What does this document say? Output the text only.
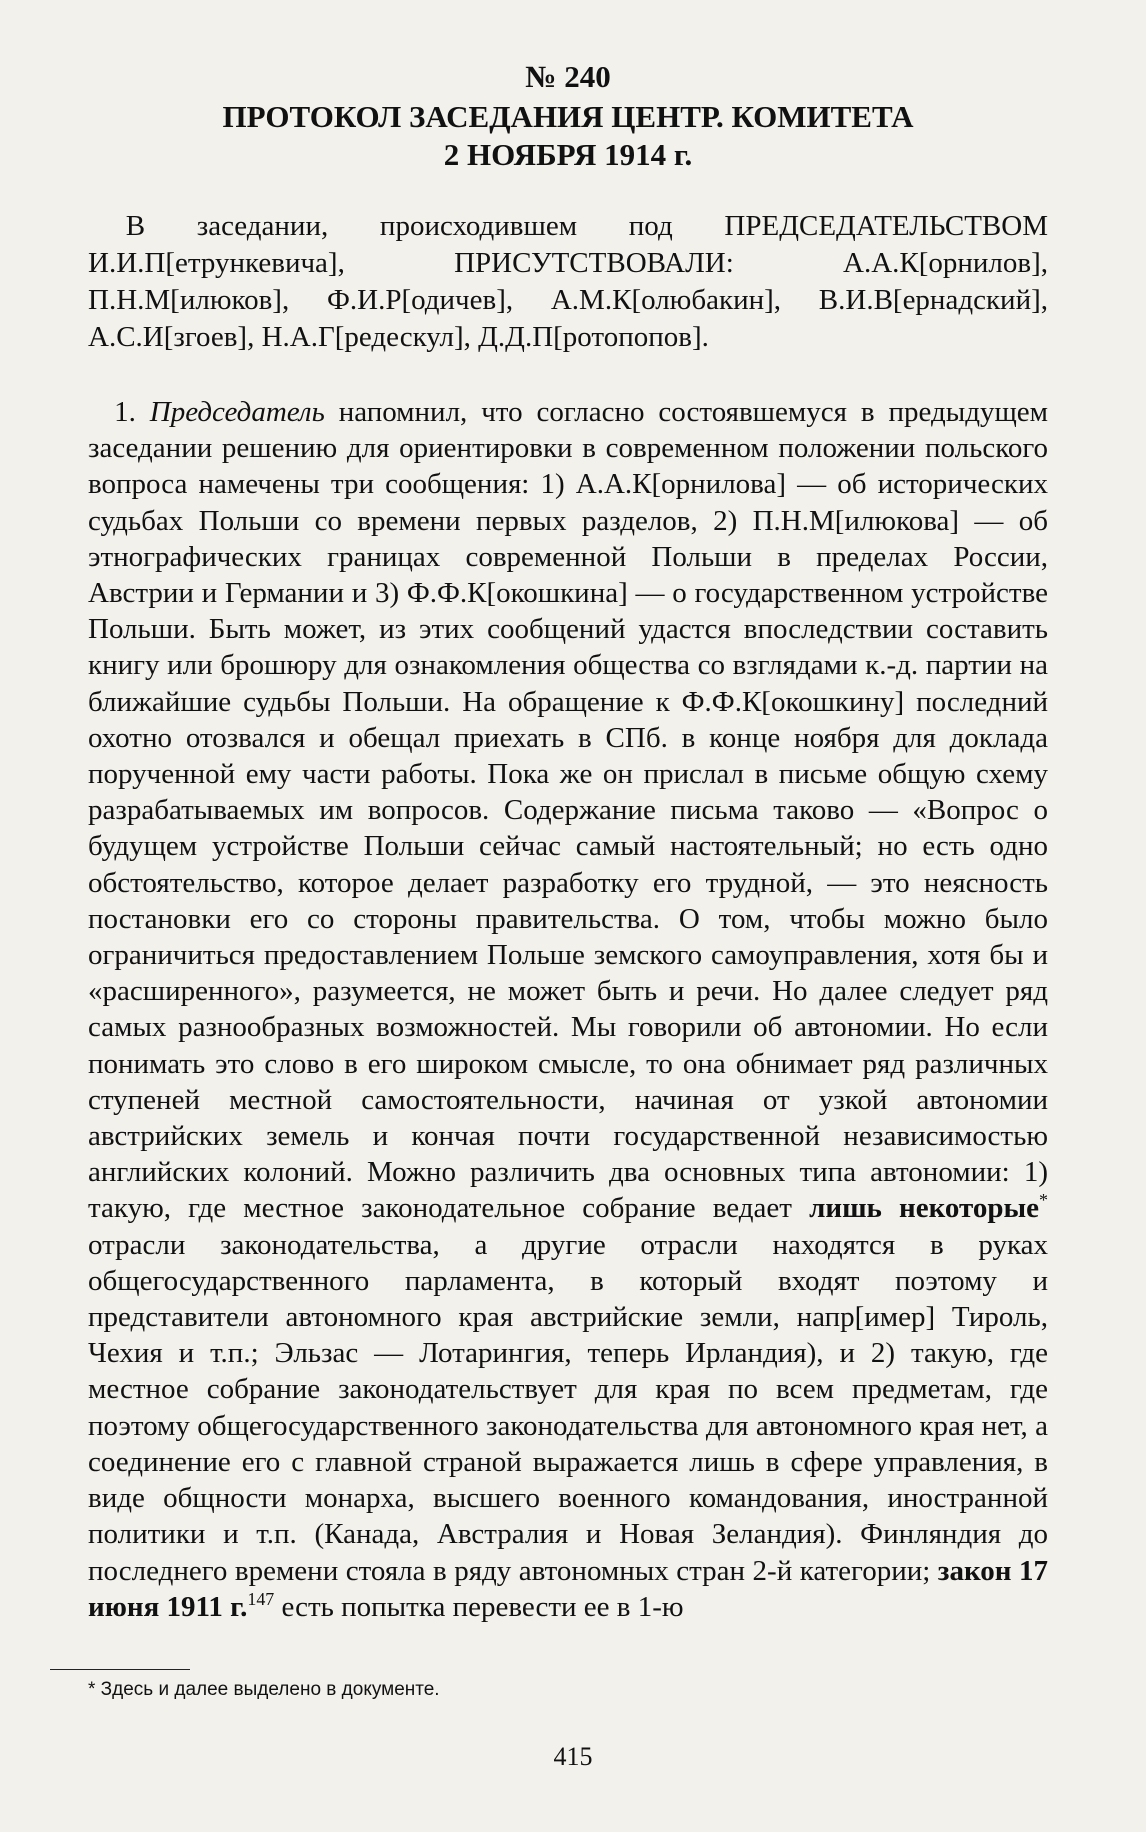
№ 240
ПРОТОКОЛ ЗАСЕДАНИЯ ЦЕНТР. КОМИТЕТА
2 НОЯБРЯ 1914 г.
В заседании, происходившем под ПРЕДСЕДАТЕЛЬСТВОМ И.И.П[етрункевича], ПРИСУТСТВОВАЛИ: А.А.К[орнилов], П.Н.М[илюков], Ф.И.Р[одичев], А.М.К[олюбакин], В.И.В[ернадский], А.С.И[згоев], Н.А.Г[редескул], Д.Д.П[ротопопов].
1. Председатель напомнил, что согласно состоявшемуся в предыдущем заседании решению для ориентировки в современном положении польского вопроса намечены три сообщения: 1) А.А.К[орнилова] — об исторических судьбах Польши со времени первых разделов, 2) П.Н.М[илюкова] — об этнографических границах современной Польши в пределах России, Австрии и Германии и 3) Ф.Ф.К[окошкина] — о государственном устройстве Польши. Быть может, из этих сообщений удастся впоследствии составить книгу или брошюру для ознакомления общества со взглядами к.-д. партии на ближайшие судьбы Польши. На обращение к Ф.Ф.К[окошкину] последний охотно отозвался и обещал приехать в СПб. в конце ноября для доклада порученной ему части работы. Пока же он прислал в письме общую схему разрабатываемых им вопросов. Содержание письма таково — «Вопрос о будущем устройстве Польши сейчас самый настоятельный; но есть одно обстоятельство, которое делает разработку его трудной, — это неясность постановки его со стороны правительства. О том, чтобы можно было ограничиться предоставлением Польше земского самоуправления, хотя бы и «расширенного», разумеется, не может быть и речи. Но далее следует ряд самых разнообразных возможностей. Мы говорили об автономии. Но если понимать это слово в его широком смысле, то она обнимает ряд различных ступеней местной самостоятельности, начиная от узкой автономии австрийских земель и кончая почти государственной независимостью английских колоний. Можно различить два основных типа автономии: 1) такую, где местное законодательное собрание ведает лишь некоторые* отрасли законодательства, а другие отрасли находятся в руках общегосударственного парламента, в который входят поэтому и представители автономного края австрийские земли, напр[имер] Тироль, Чехия и т.п.; Эльзас — Лотарингия, теперь Ирландия), и 2) такую, где местное собрание законодательствует для края по всем предметам, где поэтому общегосударственного законодательства для автономного края нет, а соединение его с главной страной выражается лишь в сфере управления, в виде общности монарха, высшего военного командования, иностранной политики и т.п. (Канада, Австралия и Новая Зеландия). Финляндия до последнего времени стояла в ряду автономных стран 2-й категории; закон 17 июня 1911 г.$^{147}$ есть попытка перевести ее в 1-ю
* Здесь и далее выделено в документе.
415
